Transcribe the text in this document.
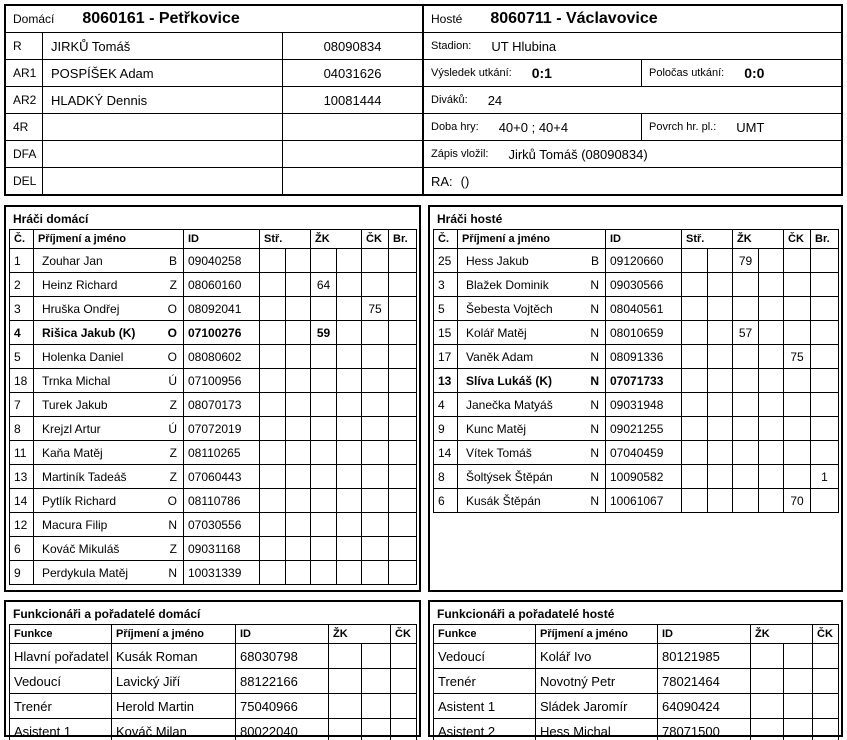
Domácí 8060161 - Petřkovice
R	JIRKŮ Tomáš	08090834
AR1	POSPÍŠEK Adam	04031626
AR2	HLADKÝ Dennis	10081444
4R
DFA
DEL
Hosté 8060711 - Václavovice
Stadion: UT Hlubina
Výsledek utkání: 0:1	Poločas utkání: 0:0
Diváků: 24
Doba hry: 40+0 ; 40+4	Povrch hr. pl.: UMT
Zápis vložil: Jirků Tomáš (08090834)
RA: ()
Hráči domácí
Č.	Příjmení a jméno	ID	Stř.		ŽK		ČK	Br.
1	Zouhar Jan B	09040258						
2	Heinz Richard Z	08060160			64			
3	Hruška Ondřej O	08092041					75	
4	Rišica Jakub (K) O	07100276			59			
5	Holenka Daniel O	08080602						
18	Trnka Michal Ú	07100956						
7	Turek Jakub Z	08070173						
8	Krejzl Artur Ú	07072019						
11	Kaňa Matěj Z	08110265						
13	Martiník Tadeáš Z	07060443						
14	Pytlík Richard O	08110786						
12	Macura Filip N	07030556						
6	Kováč Mikuláš Z	09031168						
9	Perdykula Matěj N	10031339						
Hráči hosté
Č.	Příjmení a jméno	ID	Stř.		ŽK		ČK	Br.
25	Hess Jakub B	09120660			79			
3	Blažek Dominik N	09030566						
5	Šebesta Vojtěch N	08040561						
15	Kolář Matěj N	08010659			57			
17	Vaněk Adam N	08091336					75	
13	Slíva Lukáš (K) N	07071733						
4	Janečka Matyáš N	09031948						
9	Kunc Matěj N	09021255						
14	Vítek Tomáš N	07040459						
8	Šoltýsek Štěpán N	10090582						1
6	Kusák Štěpán N	10061067					70	
Funkcionáři a pořadatelé domácí
Funkce	Příjmení a jméno	ID	ŽK		ČK
Hlavní pořadatel	Kusák Roman	68030798			
Vedoucí	Lavický Jiří	88122166			
Trenér	Herold Martin	75040966			
Asistent 1	Kováč Milan	80022040			
Funkcionáři a pořadatelé hosté
Funkce	Příjmení a jméno	ID	ŽK		ČK
Vedoucí	Kolář Ivo	80121985			
Trenér	Novotný Petr	78021464			
Asistent 1	Sládek Jaromír	64090424			
Asistent 2	Hess Michal	78071500			
